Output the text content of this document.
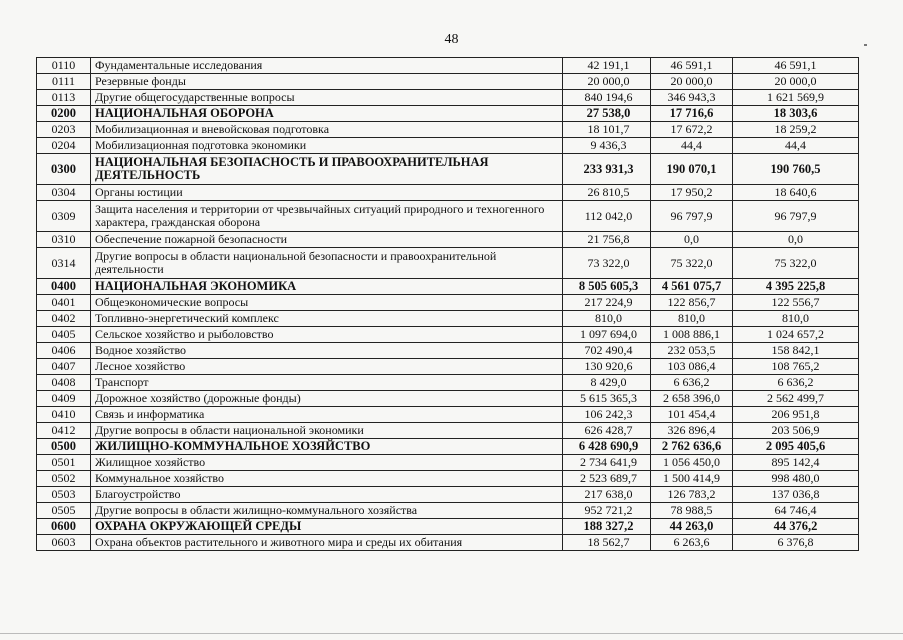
48
0110	Фундаментальные исследования	42 191,1	46 591,1	46 591,1
0111	Резервные фонды	20 000,0	20 000,0	20 000,0
0113	Другие общегосударственные вопросы	840 194,6	346 943,3	1 621 569,9
0200	НАЦИОНАЛЬНАЯ ОБОРОНА	27 538,0	17 716,6	18 303,6
0203	Мобилизационная и вневойсковая подготовка	18 101,7	17 672,2	18 259,2
0204	Мобилизационная подготовка экономики	9 436,3	44,4	44,4
0300	НАЦИОНАЛЬНАЯ БЕЗОПАСНОСТЬ И ПРАВООХРАНИТЕЛЬНАЯ ДЕЯТЕЛЬНОСТЬ	233 931,3	190 070,1	190 760,5
0304	Органы юстиции	26 810,5	17 950,2	18 640,6
0309	Защита населения и территории от чрезвычайных ситуаций природного и техногенного характера, гражданская оборона	112 042,0	96 797,9	96 797,9
0310	Обеспечение пожарной безопасности	21 756,8	0,0	0,0
0314	Другие вопросы в области национальной безопасности и правоохранительной деятельности	73 322,0	75 322,0	75 322,0
0400	НАЦИОНАЛЬНАЯ ЭКОНОМИКА	8 505 605,3	4 561 075,7	4 395 225,8
0401	Общеэкономические вопросы	217 224,9	122 856,7	122 556,7
0402	Топливно-энергетический комплекс	810,0	810,0	810,0
0405	Сельское хозяйство и рыболовство	1 097 694,0	1 008 886,1	1 024 657,2
0406	Водное хозяйство	702 490,4	232 053,5	158 842,1
0407	Лесное хозяйство	130 920,6	103 086,4	108 765,2
0408	Транспорт	8 429,0	6 636,2	6 636,2
0409	Дорожное хозяйство (дорожные фонды)	5 615 365,3	2 658 396,0	2 562 499,7
0410	Связь и информатика	106 242,3	101 454,4	206 951,8
0412	Другие вопросы в области национальной экономики	626 428,7	326 896,4	203 506,9
0500	ЖИЛИЩНО-КОММУНАЛЬНОЕ ХОЗЯЙСТВО	6 428 690,9	2 762 636,6	2 095 405,6
0501	Жилищное хозяйство	2 734 641,9	1 056 450,0	895 142,4
0502	Коммунальное хозяйство	2 523 689,7	1 500 414,9	998 480,0
0503	Благоустройство	217 638,0	126 783,2	137 036,8
0505	Другие вопросы в области жилищно-коммунального хозяйства	952 721,2	78 988,5	64 746,4
0600	ОХРАНА ОКРУЖАЮЩЕЙ СРЕДЫ	188 327,2	44 263,0	44 376,2
0603	Охрана объектов растительного и животного мира и среды их обитания	18 562,7	6 263,6	6 376,8
